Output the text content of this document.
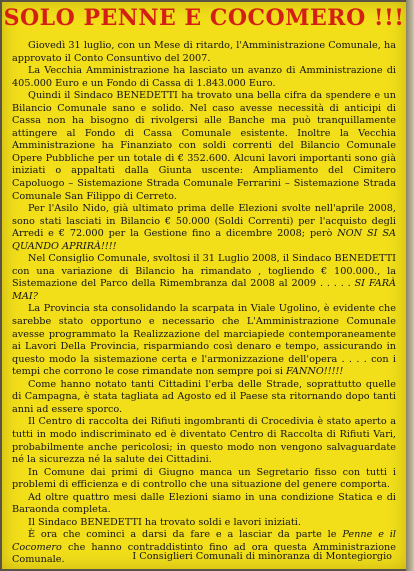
SOLO PENNE E COCOMERO !!!

Giovedì 31 luglio, con un Mese di ritardo, l'Amministrazione Comunale, ha approvato il Conto Consuntivo del 2007.

La Vecchia Amministrazione ha lasciato un avanzo di Amministrazione di 405.000 Euro e un Fondo di Cassa di 1.843.000 Euro.

Quindi il Sindaco BENEDETTI ha trovato una bella cifra da spendere e un Bilancio Comunale sano e solido. Nel caso avesse necessità di anticipi di Cassa non ha bisogno di rivolgersi alle Banche ma può tranquillamente attingere al Fondo di Cassa Comunale esistente. Inoltre la Vecchia Amministrazione ha Finanziato con soldi correnti del Bilancio Comunale Opere Pubbliche per un totale di € 352.600. Alcuni lavori importanti sono già iniziati o appaltati dalla Giunta uscente: Ampliamento del Cimitero Capoluogo – Sistemazione Strada Comunale Ferrarini – Sistemazione Strada Comunale San Filippo di Cerreto.

Per l'Asilo Nido, già ultimato prima delle Elezioni svolte nell'aprile 2008, sono stati lasciati in Bilancio € 50.000 (Soldi Correnti) per l'acquisto degli Arredi e € 72.000 per la Gestione fino a dicembre 2008; però NON SI SA QUANDO APRIRÀ!!!!

Nel Consiglio Comunale, svoltosi il 31 Luglio 2008, il Sindaco BENEDETTI con una variazione di Bilancio ha rimandato , togliendo € 100.000., la Sistemazione del Parco della Rimembranza dal 2008 al 2009 . . . . . SI FARÀ MAI?

La Provincia sta consolidando la scarpata in Viale Ugolino, è evidente che sarebbe stato opportuno e necessario che L'Amministrazione Comunale avesse programmato la Realizzazione del marciapiede contemporaneamente ai Lavori Della Provincia, risparmiando così denaro e tempo, assicurando in questo modo la sistemazione certa e l'armonizzazione dell'opera . . . . con i tempi che corrono le cose rimandate non sempre poi si FANNO!!!!!

Come hanno notato tanti Cittadini l'erba delle Strade, soprattutto quelle di Campagna, è stata tagliata ad Agosto ed il Paese sta ritornando dopo tanti anni ad essere sporco.

Il Centro di raccolta dei Rifiuti ingombranti di Crocedivia è stato aperto a tutti in modo indiscriminato ed è diventato Centro di Raccolta di Rifiuti Vari, probabilmente anche pericolosi; in questo modo non vengono salvaguardate né la sicurezza né la salute dei Cittadini.

In Comune dai primi di Giugno manca un Segretario fisso con tutti i problemi di efficienza e di controllo che una situazione del genere comporta.

Ad oltre quattro mesi dalle Elezioni siamo in una condizione Statica e di Baraonda completa.

Il Sindaco BENEDETTI ha trovato soldi e lavori iniziati.

È ora che cominci a darsi da fare e a lasciar da parte le Penne e il Cocomero che hanno contraddistinto fino ad ora questa Amministrazione Comunale.	I Consiglieri Comunali di minoranza di Montegiorgio
